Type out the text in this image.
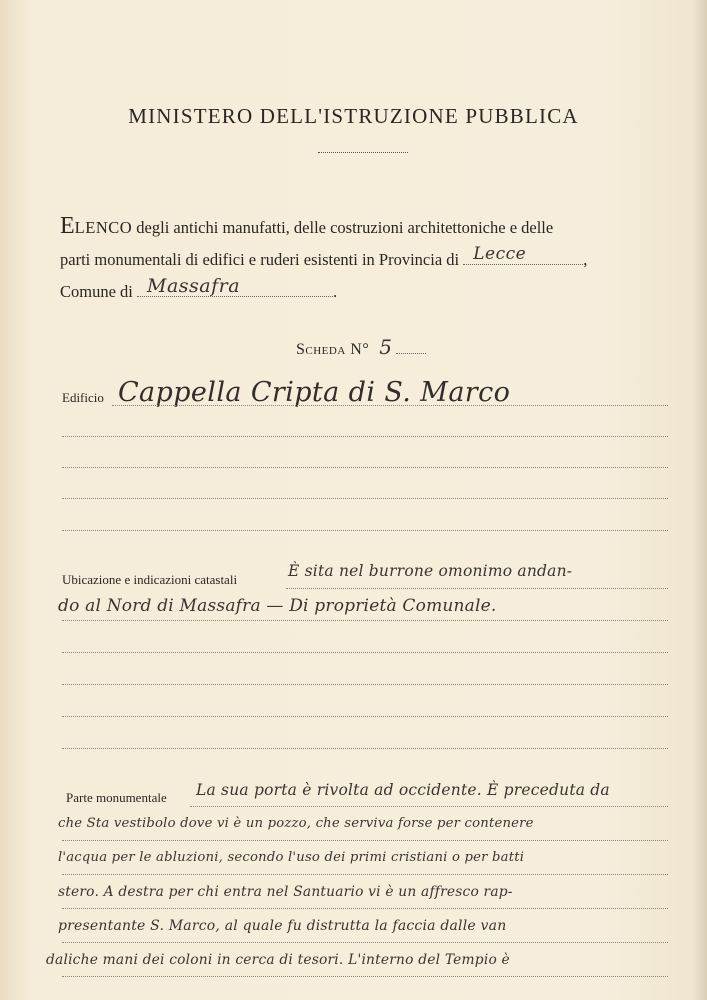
MINISTERO DELL'ISTRUZIONE PUBBLICA
ELENCO degli antichi manufatti, delle costruzioni architettoniche e delle
parti monumentali di edifici e ruderi esistenti in Provincia di Lecce	,
Comune di Massafra	.
Scheda N° 5
Edificio Cappella Cripta di S. Marco
Ubicazione e indicazioni catastali	È sita nel burrone omonimo andan-
do al Nord di Massafra — Di proprietà Comunale.
Parte monumentale La sua porta è rivolta ad occidente. È preceduta da
che Sta vestibolo dove vi è un pozzo, che serviva forse per contenere
l'acqua per le abluzioni, secondo l'uso dei primi cristiani o per batti
stero. A destra per chi entra nel Santuario vi è un affresco rap-
presentante S. Marco, al quale fu distrutta la faccia dalle van
daliche mani dei coloni in cerca di tesori. L'interno del Tempio è
